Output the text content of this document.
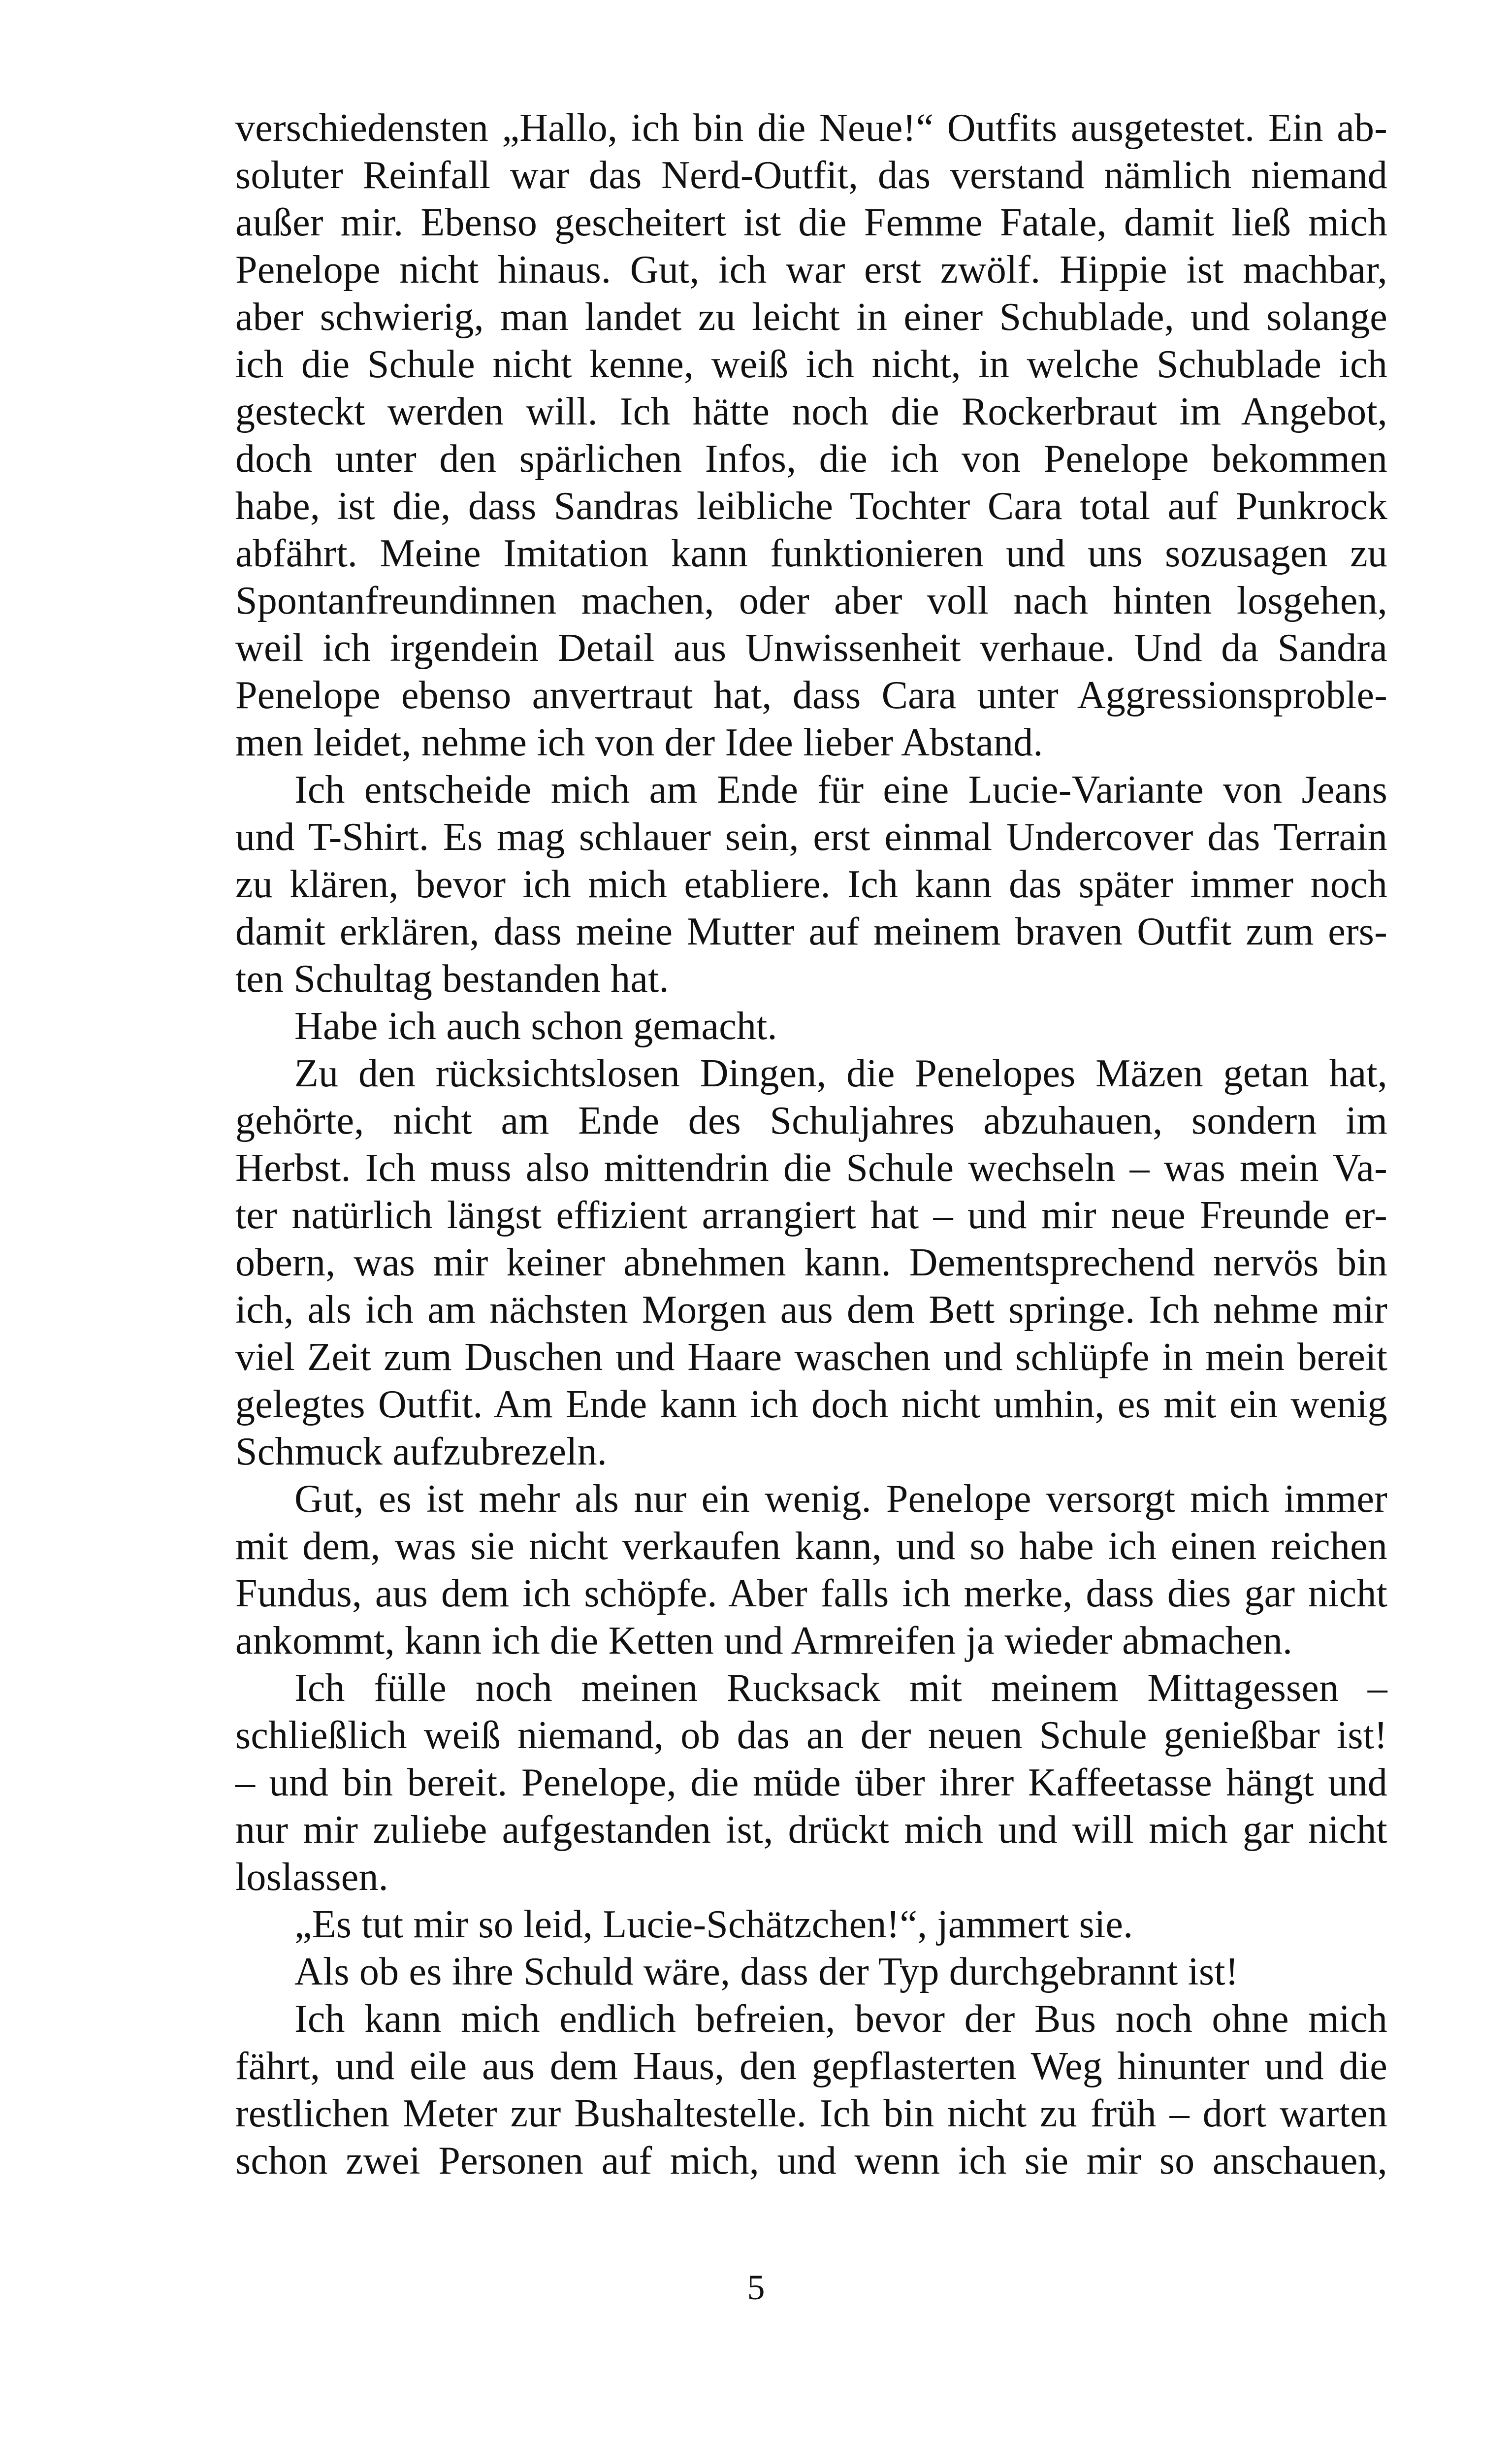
verschiedensten „Hallo, ich bin die Neue!“ Outfits ausgetestet. Ein ab-
soluter Reinfall war das Nerd-Outfit, das verstand nämlich niemand
außer mir. Ebenso gescheitert ist die Femme Fatale, damit ließ mich
Penelope nicht hinaus. Gut, ich war erst zwölf. Hippie ist machbar,
aber schwierig, man landet zu leicht in einer Schublade, und solange
ich die Schule nicht kenne, weiß ich nicht, in welche Schublade ich
gesteckt werden will. Ich hätte noch die Rockerbraut im Angebot,
doch unter den spärlichen Infos, die ich von Penelope bekommen
habe, ist die, dass Sandras leibliche Tochter Cara total auf Punkrock
abfährt. Meine Imitation kann funktionieren und uns sozusagen zu
Spontanfreundinnen machen, oder aber voll nach hinten losgehen,
weil ich irgendein Detail aus Unwissenheit verhaue. Und da Sandra
Penelope ebenso anvertraut hat, dass Cara unter Aggressionsproble-
men leidet, nehme ich von der Idee lieber Abstand.
Ich entscheide mich am Ende für eine Lucie-Variante von Jeans
und T-Shirt. Es mag schlauer sein, erst einmal Undercover das Terrain
zu klären, bevor ich mich etabliere. Ich kann das später immer noch
damit erklären, dass meine Mutter auf meinem braven Outfit zum ers-
ten Schultag bestanden hat.
Habe ich auch schon gemacht.
Zu den rücksichtslosen Dingen, die Penelopes Mäzen getan hat,
gehörte, nicht am Ende des Schuljahres abzuhauen, sondern im
Herbst. Ich muss also mittendrin die Schule wechseln – was mein Va-
ter natürlich längst effizient arrangiert hat – und mir neue Freunde er-
obern, was mir keiner abnehmen kann. Dementsprechend nervös bin
ich, als ich am nächsten Morgen aus dem Bett springe. Ich nehme mir
viel Zeit zum Duschen und Haare waschen und schlüpfe in mein bereit
gelegtes Outfit. Am Ende kann ich doch nicht umhin, es mit ein wenig
Schmuck aufzubrezeln.
Gut, es ist mehr als nur ein wenig. Penelope versorgt mich immer
mit dem, was sie nicht verkaufen kann, und so habe ich einen reichen
Fundus, aus dem ich schöpfe. Aber falls ich merke, dass dies gar nicht
ankommt, kann ich die Ketten und Armreifen ja wieder abmachen.
Ich fülle noch meinen Rucksack mit meinem Mittagessen –
schließlich weiß niemand, ob das an der neuen Schule genießbar ist!
– und bin bereit. Penelope, die müde über ihrer Kaffeetasse hängt und
nur mir zuliebe aufgestanden ist, drückt mich und will mich gar nicht
loslassen.
„Es tut mir so leid, Lucie-Schätzchen!“, jammert sie.
Als ob es ihre Schuld wäre, dass der Typ durchgebrannt ist!
Ich kann mich endlich befreien, bevor der Bus noch ohne mich
fährt, und eile aus dem Haus, den gepflasterten Weg hinunter und die
restlichen Meter zur Bushaltestelle. Ich bin nicht zu früh – dort warten
schon zwei Personen auf mich, und wenn ich sie mir so anschauen,
5
